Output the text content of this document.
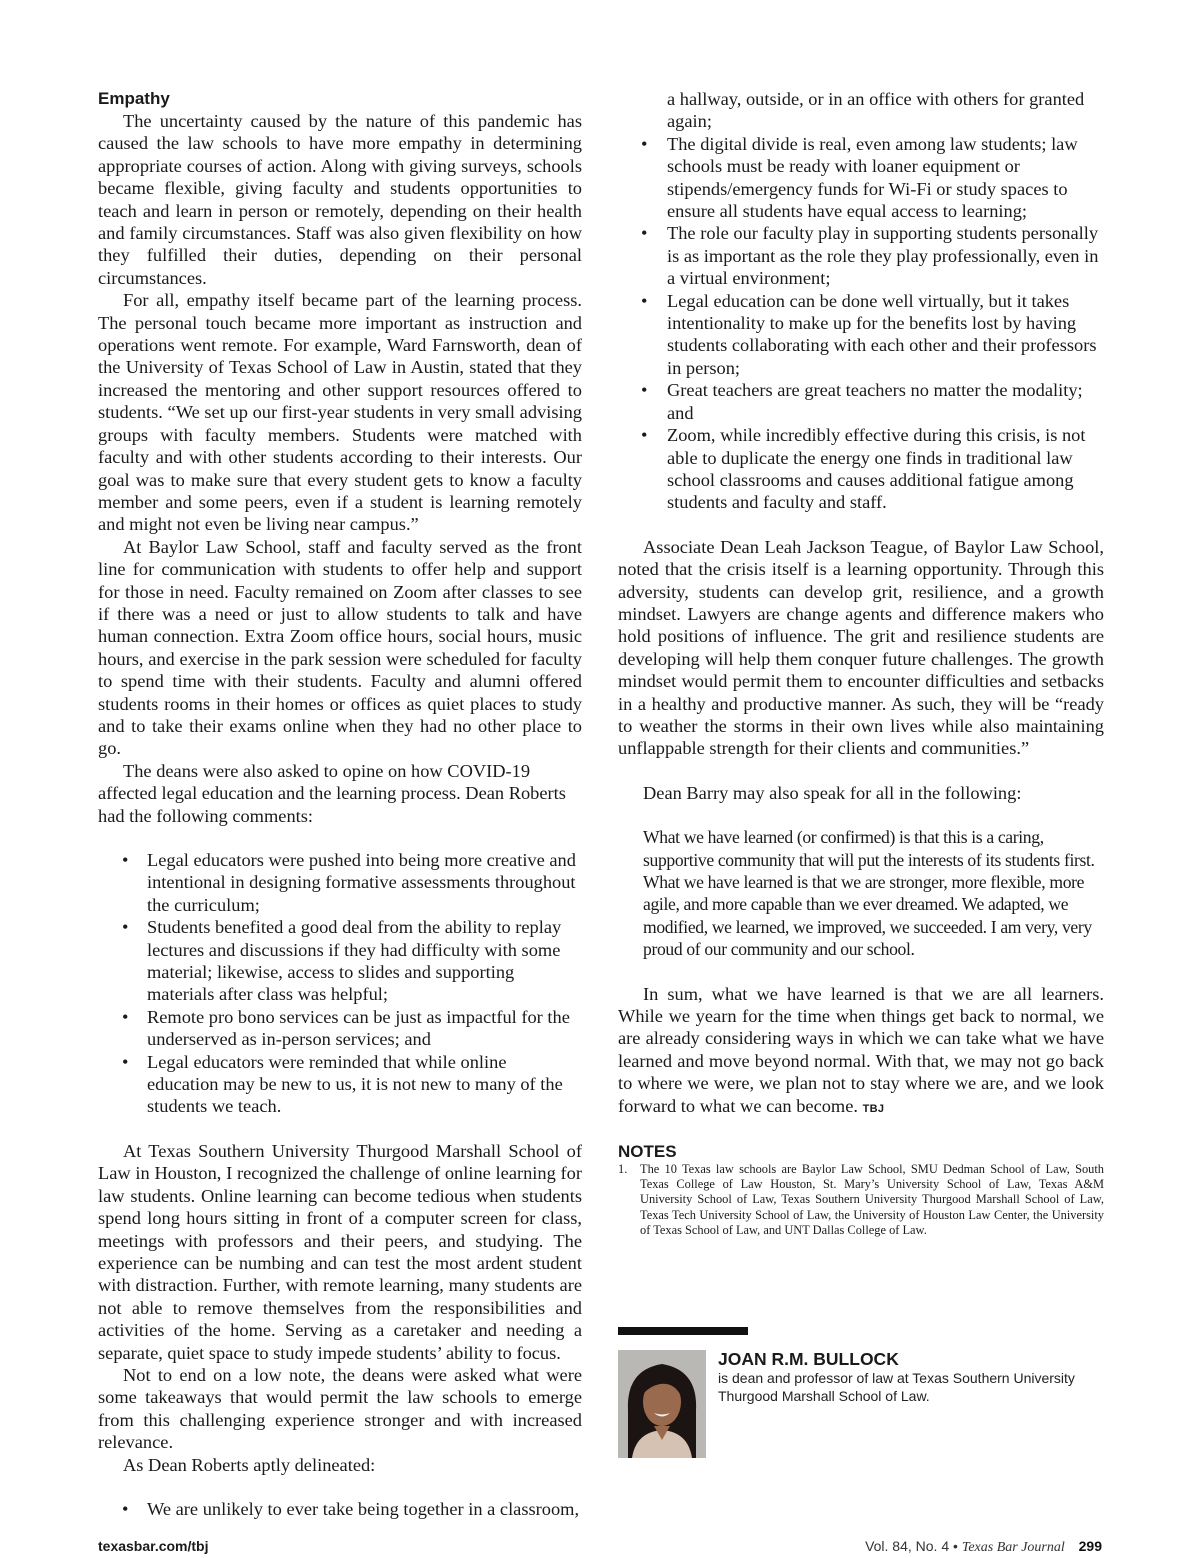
Empathy

The uncertainty caused by the nature of this pandemic has caused the law schools to have more empathy in determining appropriate courses of action. Along with giving surveys, schools became flexible, giving faculty and students opportunities to teach and learn in person or remotely, depending on their health and family circumstances. Staff was also given flexibility on how they fulfilled their duties, depending on their personal circumstances.

For all, empathy itself became part of the learning process. The personal touch became more important as instruction and operations went remote. For example, Ward Farnsworth, dean of the University of Texas School of Law in Austin, stated that they increased the mentoring and other support resources offered to students. “We set up our first-year students in very small advising groups with faculty members. Students were matched with faculty and with other students according to their interests. Our goal was to make sure that every student gets to know a faculty member and some peers, even if a student is learning remotely and might not even be living near campus.”

At Baylor Law School, staff and faculty served as the front line for communication with students to offer help and support for those in need. Faculty remained on Zoom after classes to see if there was a need or just to allow students to talk and have human connection. Extra Zoom office hours, social hours, music hours, and exercise in the park session were scheduled for faculty to spend time with their students. Faculty and alumni offered students rooms in their homes or offices as quiet places to study and to take their exams online when they had no other place to go.

The deans were also asked to opine on how COVID-19 affected legal education and the learning process. Dean Roberts had the following comments:

• Legal educators were pushed into being more creative and intentional in designing formative assessments throughout the curriculum;
• Students benefited a good deal from the ability to replay lectures and discussions if they had difficulty with some material; likewise, access to slides and supporting materials after class was helpful;
• Remote pro bono services can be just as impactful for the underserved as in-person services; and
• Legal educators were reminded that while online education may be new to us, it is not new to many of the students we teach.

At Texas Southern University Thurgood Marshall School of Law in Houston, I recognized the challenge of online learning for law students. Online learning can become tedious when students spend long hours sitting in front of a computer screen for class, meetings with professors and their peers, and studying. The experience can be numbing and can test the most ardent student with distraction. Further, with remote learning, many students are not able to remove themselves from the responsibilities and activities of the home. Serving as a caretaker and needing a separate, quiet space to study impede students’ ability to focus.

Not to end on a low note, the deans were asked what were some takeaways that would permit the law schools to emerge from this challenging experience stronger and with increased relevance.

As Dean Roberts aptly delineated:

• We are unlikely to ever take being together in a classroom,
a hallway, outside, or in an office with others for granted again;
• The digital divide is real, even among law students; law schools must be ready with loaner equipment or stipends/emergency funds for Wi-Fi or study spaces to ensure all students have equal access to learning;
• The role our faculty play in supporting students personally is as important as the role they play professionally, even in a virtual environment;
• Legal education can be done well virtually, but it takes intentionality to make up for the benefits lost by having students collaborating with each other and their professors in person;
• Great teachers are great teachers no matter the modality; and
• Zoom, while incredibly effective during this crisis, is not able to duplicate the energy one finds in traditional law school classrooms and causes additional fatigue among students and faculty and staff.

Associate Dean Leah Jackson Teague, of Baylor Law School, noted that the crisis itself is a learning opportunity. Through this adversity, students can develop grit, resilience, and a growth mindset. Lawyers are change agents and difference makers who hold positions of influence. The grit and resilience students are developing will help them conquer future challenges. The growth mindset would permit them to encounter difficulties and setbacks in a healthy and productive manner. As such, they will be “ready to weather the storms in their own lives while also maintaining unflappable strength for their clients and communities.”

Dean Barry may also speak for all in the following:

What we have learned (or confirmed) is that this is a caring, supportive community that will put the interests of its students first. What we have learned is that we are stronger, more flexible, more agile, and more capable than we ever dreamed. We adapted, we modified, we learned, we improved, we succeeded. I am very, very proud of our community and our school.

In sum, what we have learned is that we are all learners. While we yearn for the time when things get back to normal, we are already considering ways in which we can take what we have learned and move beyond normal. With that, we may not go back to where we were, we plan not to stay where we are, and we look forward to what we can become. TBJ

NOTES
1. The 10 Texas law schools are Baylor Law School, SMU Dedman School of Law, South Texas College of Law Houston, St. Mary’s University School of Law, Texas A&M University School of Law, Texas Southern University Thurgood Marshall School of Law, Texas Tech University School of Law, the University of Houston Law Center, the University of Texas School of Law, and UNT Dallas College of Law.
JOAN R.M. BULLOCK
is dean and professor of law at Texas Southern University Thurgood Marshall School of Law.
texasbar.com/tbj	Vol. 84, No. 4 • Texas Bar Journal 299
